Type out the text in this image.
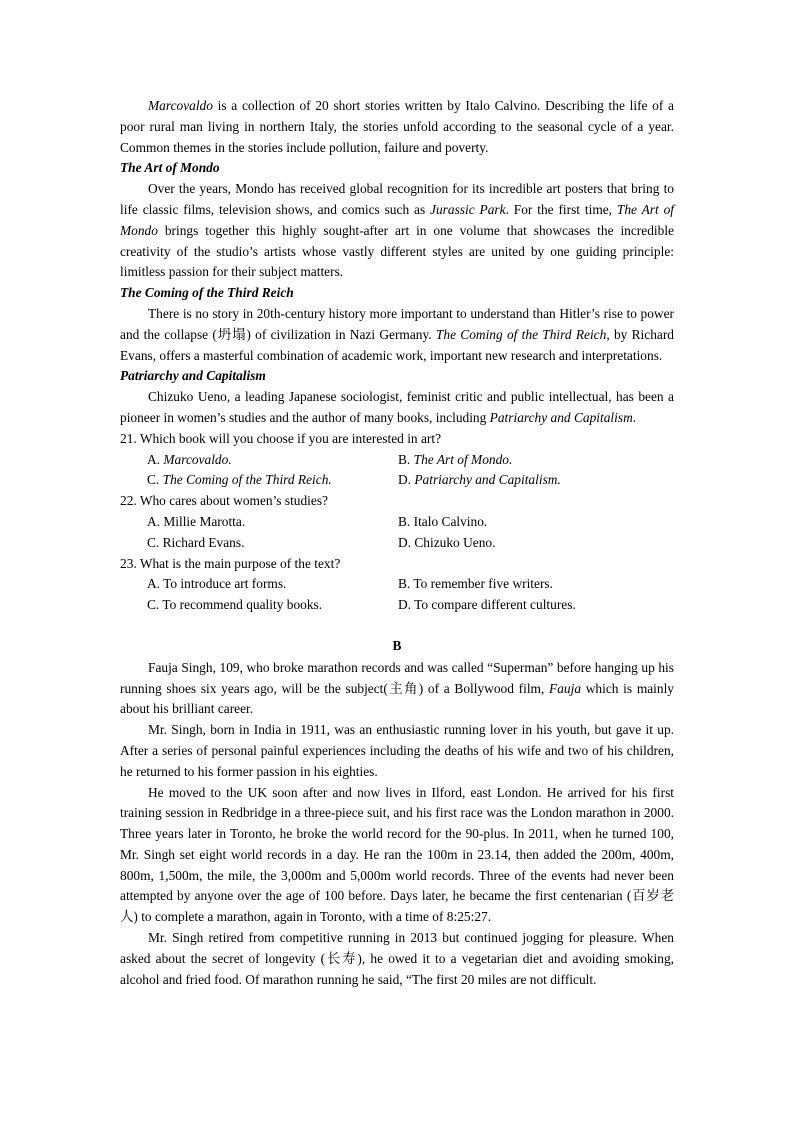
Marcovaldo is a collection of 20 short stories written by Italo Calvino. Describing the life of a poor rural man living in northern Italy, the stories unfold according to the seasonal cycle of a year. Common themes in the stories include pollution, failure and poverty.

The Art of Mondo

Over the years, Mondo has received global recognition for its incredible art posters that bring to life classic films, television shows, and comics such as Jurassic Park. For the first time, The Art of Mondo brings together this highly sought-after art in one volume that showcases the incredible creativity of the studio’s artists whose vastly different styles are united by one guiding principle: limitless passion for their subject matters.

The Coming of the Third Reich

There is no story in 20th-century history more important to understand than Hitler’s rise to power and the collapse (坍塌) of civilization in Nazi Germany. The Coming of the Third Reich, by Richard Evans, offers a masterful combination of academic work, important new research and interpretations.

Patriarchy and Capitalism

Chizuko Ueno, a leading Japanese sociologist, feminist critic and public intellectual, has been a pioneer in women’s studies and the author of many books, including Patriarchy and Capitalism.

21. Which book will you choose if you are interested in art?

A. Marcovaldo.	B. The Art of Mondo.
C. The Coming of the Third Reich.	D. Patriarchy and Capitalism.

22. Who cares about women’s studies?

A. Millie Marotta.	B. Italo Calvino.
C. Richard Evans.	D. Chizuko Ueno.

23. What is the main purpose of the text?

A. To introduce art forms.	B. To remember five writers.
C. To recommend quality books.	D. To compare different cultures.

B

Fauja Singh, 109, who broke marathon records and was called “Superman” before hanging up his running shoes six years ago, will be the subject(主角) of a Bollywood film, Fauja which is mainly about his brilliant career.

Mr. Singh, born in India in 1911, was an enthusiastic running lover in his youth, but gave it up. After a series of personal painful experiences including the deaths of his wife and two of his children, he returned to his former passion in his eighties.

He moved to the UK soon after and now lives in Ilford, east London. He arrived for his first training session in Redbridge in a three-piece suit, and his first race was the London marathon in 2000. Three years later in Toronto, he broke the world record for the 90-plus. In 2011, when he turned 100, Mr. Singh set eight world records in a day. He ran the 100m in 23.14, then added the 200m, 400m, 800m, 1,500m, the mile, the 3,000m and 5,000m world records. Three of the events had never been attempted by anyone over the age of 100 before. Days later, he became the first centenarian (百岁老人) to complete a marathon, again in Toronto, with a time of 8:25:27.

Mr. Singh retired from competitive running in 2013 but continued jogging for pleasure. When asked about the secret of longevity (长寿), he owed it to a vegetarian diet and avoiding smoking, alcohol and fried food. Of marathon running he said, “The first 20 miles are not difficult.
